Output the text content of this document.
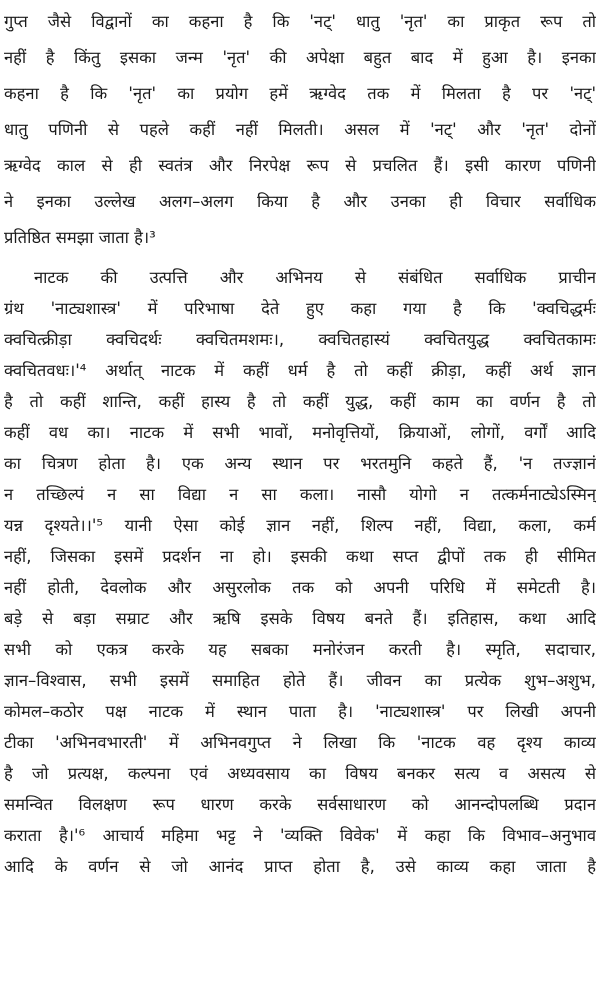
गुप्त जैसे विद्वानों का कहना है कि 'नट्' धातु 'नृत' का प्राकृत रूप तो
नहीं है किंतु इसका जन्म 'नृत' की अपेक्षा बहुत बाद में हुआ है। इनका
कहना है कि 'नृत' का प्रयोग हमें ऋग्वेद तक में मिलता है पर 'नट्'
धातु पणिनी से पहले कहीं नहीं मिलती। असल में 'नट्' और 'नृत' दोनों
ऋग्वेद काल से ही स्वतंत्र और निरपेक्ष रूप से प्रचलित हैं। इसी कारण पणिनी
ने इनका उल्लेख अलग–अलग किया है और उनका ही विचार सर्वाधिक
प्रतिष्ठित समझा जाता है।³
नाटक की उत्पत्ति और अभिनय से संबंधित सर्वाधिक प्राचीन
ग्रंथ 'नाट्यशास्त्र' में परिभाषा देते हुए कहा गया है कि 'क्वचिद्धर्मः
क्वचित्क्रीड़ा क्वचिदर्थः क्वचितमशमः।, क्वचितहास्यं क्वचितयुद्ध क्वचितकामः
क्वचितवधः।'⁴ अर्थात् नाटक में कहीं धर्म है तो कहीं क्रीड़ा, कहीं अर्थ ज्ञान
है तो कहीं शान्ति, कहीं हास्य है तो कहीं युद्ध, कहीं काम का वर्णन है तो
कहीं वध का। नाटक में सभी भावों, मनोवृत्तियों, क्रियाओं, लोगों, वर्गों आदि
का चित्रण होता है। एक अन्य स्थान पर भरतमुनि कहते हैं, 'न तज्ज्ञानं
न तच्छिल्पं न सा विद्या न सा कला। नासौ योगो न तत्कर्मनाट्येऽस्मिन्
यन्न दृश्यते।।'⁵ यानी ऐसा कोई ज्ञान नहीं, शिल्प नहीं, विद्या, कला, कर्म
नहीं, जिसका इसमें प्रदर्शन ना हो। इसकी कथा सप्त द्वीपों तक ही सीमित
नहीं होती, देवलोक और असुरलोक तक को अपनी परिधि में समेटती है।
बड़े से बड़ा सम्राट और ऋषि इसके विषय बनते हैं। इतिहास, कथा आदि
सभी को एकत्र करके यह सबका मनोरंजन करती है। स्मृति, सदाचार,
ज्ञान–विश्वास, सभी इसमें समाहित होते हैं। जीवन का प्रत्येक शुभ–अशुभ,
कोमल–कठोर पक्ष नाटक में स्थान पाता है। 'नाट्यशास्त्र' पर लिखी अपनी
टीका 'अभिनवभारती' में अभिनवगुप्त ने लिखा कि 'नाटक वह दृश्य काव्य
है जो प्रत्यक्ष, कल्पना एवं अध्यवसाय का विषय बनकर सत्य व असत्य से
समन्वित विलक्षण रूप धारण करके सर्वसाधारण को आनन्दोपलब्धि प्रदान
कराता है।'⁶ आचार्य महिमा भट्ट ने 'व्यक्ति विवेक' में कहा कि विभाव–अनुभाव
आदि के वर्णन से जो आनंद प्राप्त होता है, उसे काव्य कहा जाता है
